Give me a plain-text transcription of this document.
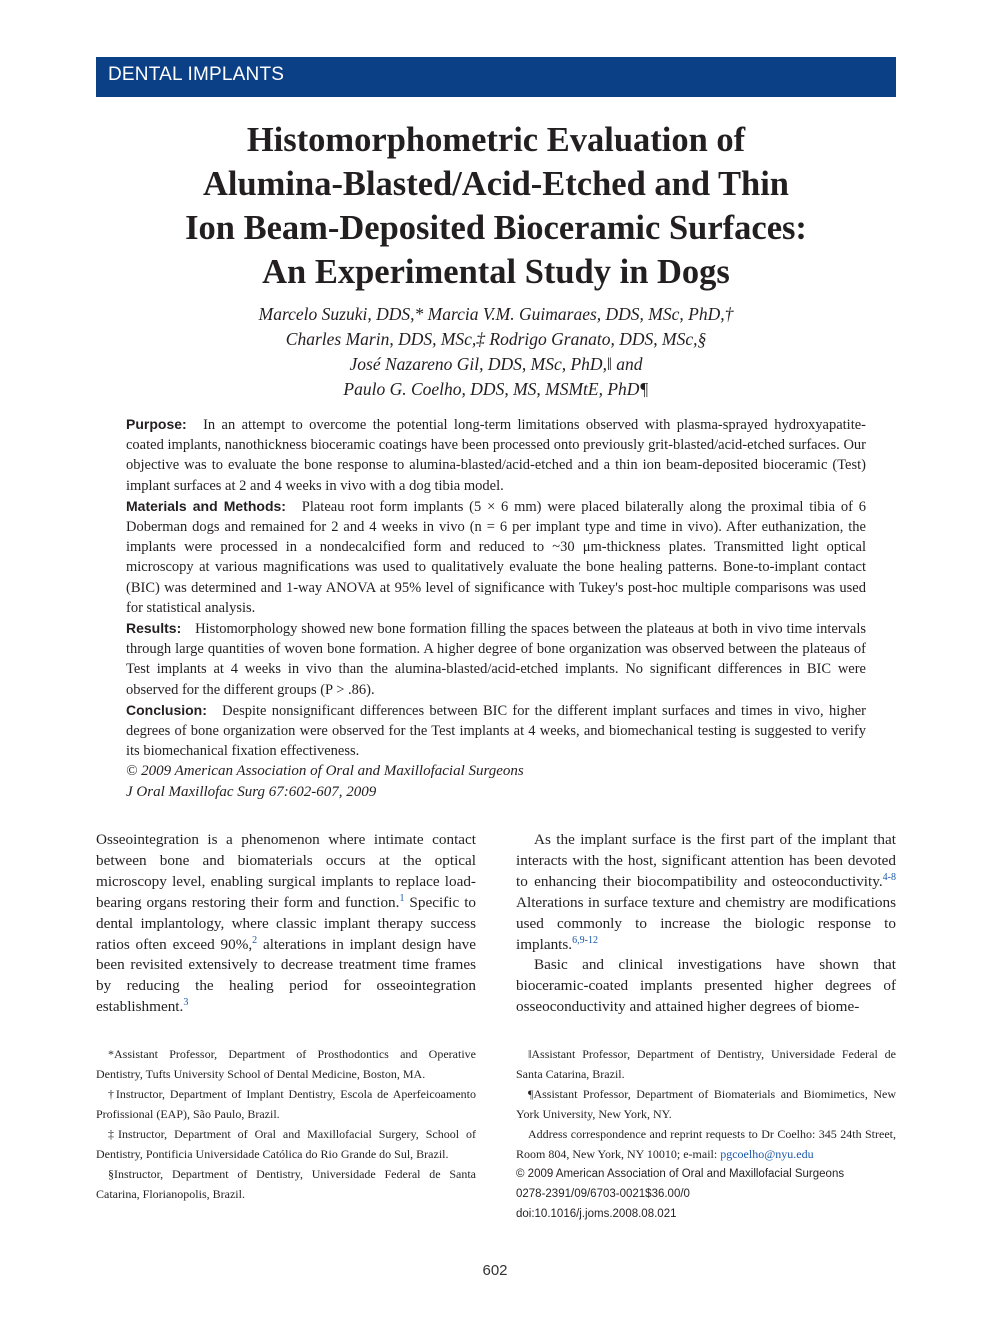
DENTAL IMPLANTS
Histomorphometric Evaluation of
Alumina-Blasted/Acid-Etched and Thin
Ion Beam-Deposited Bioceramic Surfaces:
An Experimental Study in Dogs
Marcelo Suzuki, DDS,* Marcia V.M. Guimaraes, DDS, MSc, PhD,†
Charles Marin, DDS, MSc,‡ Rodrigo Granato, DDS, MSc,§
José Nazareno Gil, DDS, MSc, PhD,‖ and
Paulo G. Coelho, DDS, MS, MSMtE, PhD¶

Purpose: In an attempt to overcome the potential long-term limitations observed with plasma-sprayed hydroxyapatite-coated implants, nanothickness bioceramic coatings have been processed onto previously grit-blasted/acid-etched surfaces. Our objective was to evaluate the bone response to alumina-blasted/acid-etched and a thin ion beam-deposited bioceramic (Test) implant surfaces at 2 and 4 weeks in vivo with a dog tibia model.

Materials and Methods: Plateau root form implants (5 × 6 mm) were placed bilaterally along the proximal tibia of 6 Doberman dogs and remained for 2 and 4 weeks in vivo (n = 6 per implant type and time in vivo). After euthanization, the implants were processed in a nondecalcified form and reduced to ~30 μm-thickness plates. Transmitted light optical microscopy at various magnifications was used to qualitatively evaluate the bone healing patterns. Bone-to-implant contact (BIC) was determined and 1-way ANOVA at 95% level of significance with Tukey's post-hoc multiple comparisons was used for statistical analysis.

Results: Histomorphology showed new bone formation filling the spaces between the plateaus at both in vivo time intervals through large quantities of woven bone formation. A higher degree of bone organization was observed between the plateaus of Test implants at 4 weeks in vivo than the alumina-blasted/acid-etched implants. No significant differences in BIC were observed for the different groups (P > .86).

Conclusion: Despite nonsignificant differences between BIC for the different implant surfaces and times in vivo, higher degrees of bone organization were observed for the Test implants at 4 weeks, and biomechanical testing is suggested to verify its biomechanical fixation effectiveness.

© 2009 American Association of Oral and Maxillofacial Surgeons

J Oral Maxillofac Surg 67:602-607, 2009

Osseointegration is a phenomenon where intimate contact between bone and biomaterials occurs at the optical microscopy level, enabling surgical implants to replace load-bearing organs restoring their form and function.$^1$ Specific to dental implantology, where classic implant therapy success ratios often exceed 90%,$^2$ alterations in implant design have been revisited extensively to decrease treatment time frames by reducing the healing period for osseointegration establishment.$^3$

As the implant surface is the first part of the implant that interacts with the host, significant attention has been devoted to enhancing their biocompatibility and osteoconductivity.$^{4-8}$ Alterations in surface texture and chemistry are modifications used commonly to increase the biologic response to implants.$^{6,9-12}$

Basic and clinical investigations have shown that bioceramic-coated implants presented higher degrees of osseoconductivity and attained higher degrees of biome-

*Assistant Professor, Department of Prosthodontics and Operative Dentistry, Tufts University School of Dental Medicine, Boston, MA.

†Instructor, Department of Implant Dentistry, Escola de Aperfeicoamento Profissional (EAP), São Paulo, Brazil.

‡Instructor, Department of Oral and Maxillofacial Surgery, School of Dentistry, Pontificia Universidade Católica do Rio Grande do Sul, Brazil.

§Instructor, Department of Dentistry, Universidade Federal de Santa Catarina, Florianopolis, Brazil.

‖Assistant Professor, Department of Dentistry, Universidade Federal de Santa Catarina, Brazil.

¶Assistant Professor, Department of Biomaterials and Biomimetics, New York University, New York, NY.

Address correspondence and reprint requests to Dr Coelho: 345 24th Street, Room 804, New York, NY 10010; e-mail: pgcoelho@nyu.edu

© 2009 American Association of Oral and Maxillofacial Surgeons

0278-2391/09/6703-0021$36.00/0

doi:10.1016/j.joms.2008.08.021

602
